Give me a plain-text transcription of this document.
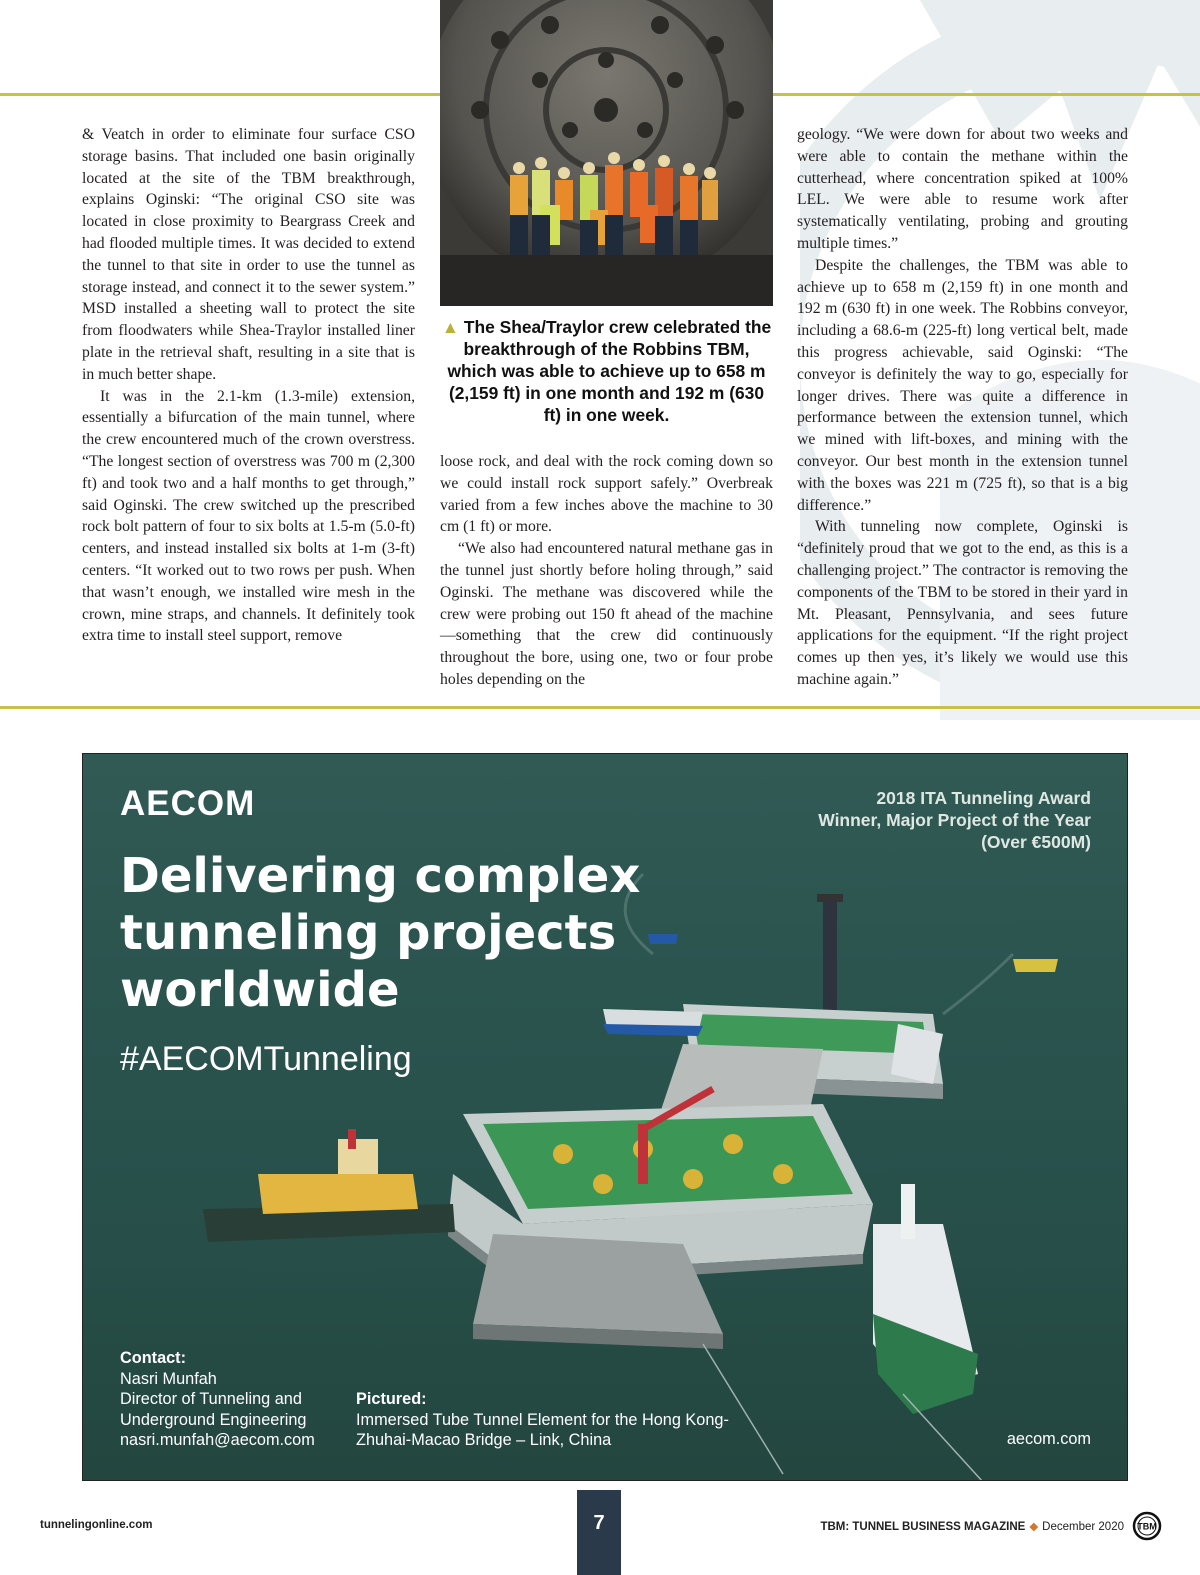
▲ The Shea/Traylor crew celebrated the breakthrough of the Robbins TBM, which was able to achieve up to 658 m (2,159 ft) in one month and 192 m (630 ft) in one week.

& Veatch in order to eliminate four surface CSO storage basins. That included one basin originally located at the site of the TBM breakthrough, explains Oginski: “The original CSO site was located in close proximity to Beargrass Creek and had flooded multiple times. It was decided to extend the tunnel to that site in order to use the tunnel as storage instead, and connect it to the sewer system.” MSD installed a sheeting wall to protect the site from floodwaters while Shea-Traylor installed liner plate in the retrieval shaft, resulting in a site that is in much better shape.

It was in the 2.1-km (1.3-mile) extension, essentially a bifurcation of the main tunnel, where the crew encountered much of the crown overstress. “The longest section of overstress was 700 m (2,300 ft) and took two and a half months to get through,” said Oginski. The crew switched up the prescribed rock bolt pattern of four to six bolts at 1.5-m (5.0-ft) centers, and instead installed six bolts at 1-m (3-ft) centers. “It worked out to two rows per push. When that wasn’t enough, we installed wire mesh in the crown, mine straps, and channels. It definitely took extra time to install steel support, remove

loose rock, and deal with the rock coming down so we could install rock support safely.” Overbreak varied from a few inches above the machine to 30 cm (1 ft) or more.

“We also had encountered natural methane gas in the tunnel just shortly before holing through,” said Oginski. The methane was discovered while the crew were probing out 150 ft ahead of the machine—something that the crew did continuously throughout the bore, using one, two or four probe holes depending on the

geology. “We were down for about two weeks and were able to contain the methane within the cutterhead, where concentration spiked at 100% LEL. We were able to resume work after systematically ventilating, probing and grouting multiple times.”

Despite the challenges, the TBM was able to achieve up to 658 m (2,159 ft) in one month and 192 m (630 ft) in one week. The Robbins conveyor, including a 68.6-m (225-ft) long vertical belt, made this progress achievable, said Oginski: “The conveyor is definitely the way to go, especially for longer drives. There was quite a difference in performance between the extension tunnel, which we mined with lift-boxes, and mining with the conveyor. Our best month in the extension tunnel with the boxes was 221 m (725 ft), so that is a big difference.”

With tunneling now complete, Oginski is “definitely proud that we got to the end, as this is a challenging project.” The contractor is removing the components of the TBM to be stored in their yard in Mt. Pleasant, Pennsylvania, and sees future applications for the equipment. “If the right project comes up then yes, it’s likely we would use this machine again.”

AECOM	2018 ITA Tunneling Award Winner, Major Project of the Year (Over €500M)
Delivering complex tunneling projects worldwide
#AECOMTunneling
Contact:
Nasri Munfah
Director of Tunneling and Underground Engineering
nasri.munfah@aecom.com
Pictured:
Immersed Tube Tunnel Element for the Hong Kong-Zhuhai-Macao Bridge – Link, China	aecom.com
tunnelingonline.com	7	TBM: TUNNEL BUSINESS MAGAZINE ◆ December 2020 TBM
